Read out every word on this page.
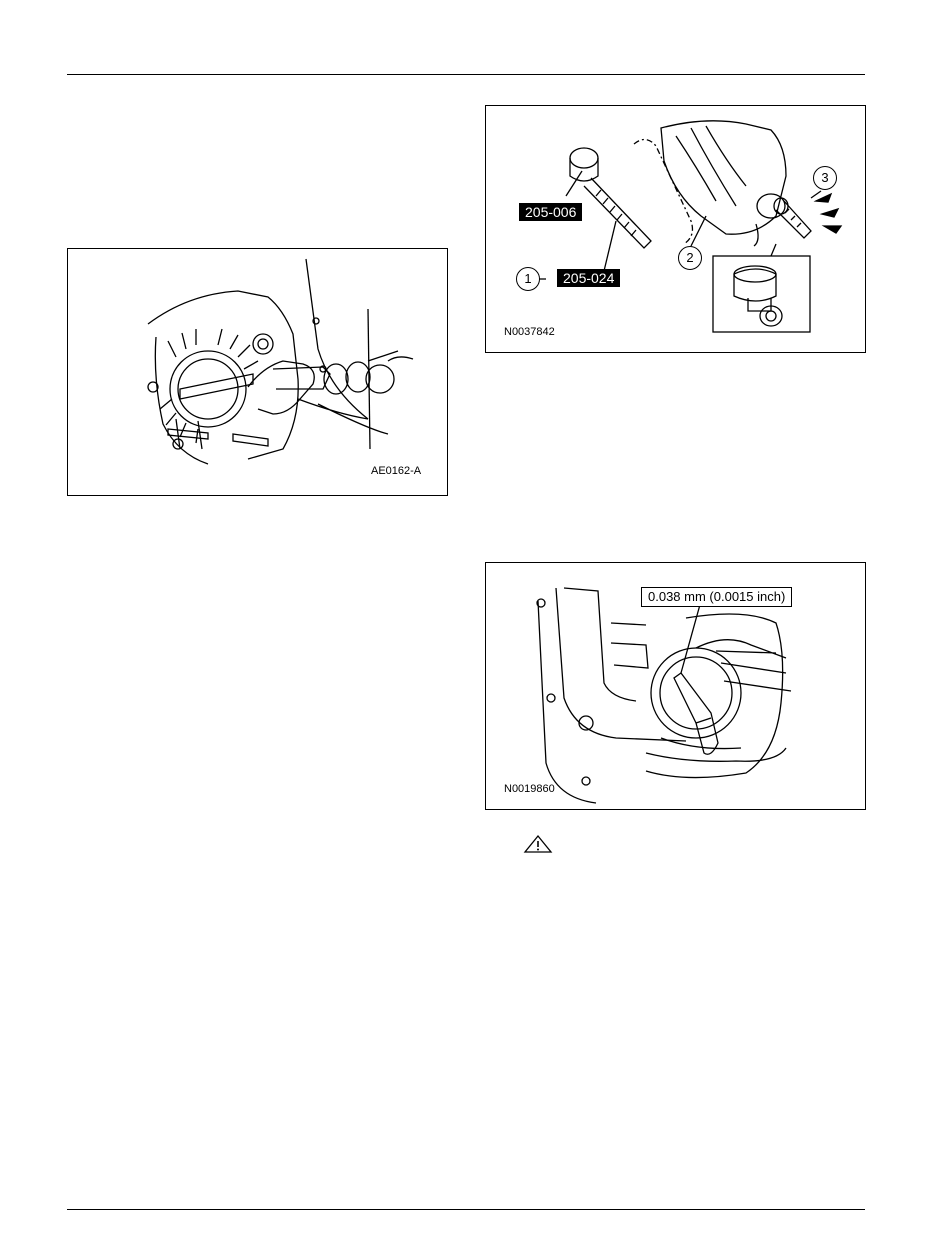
AE0162-A
205-006
205-024
1
2
3
N0037842
0.038 mm (0.0015 inch)
N0019860
